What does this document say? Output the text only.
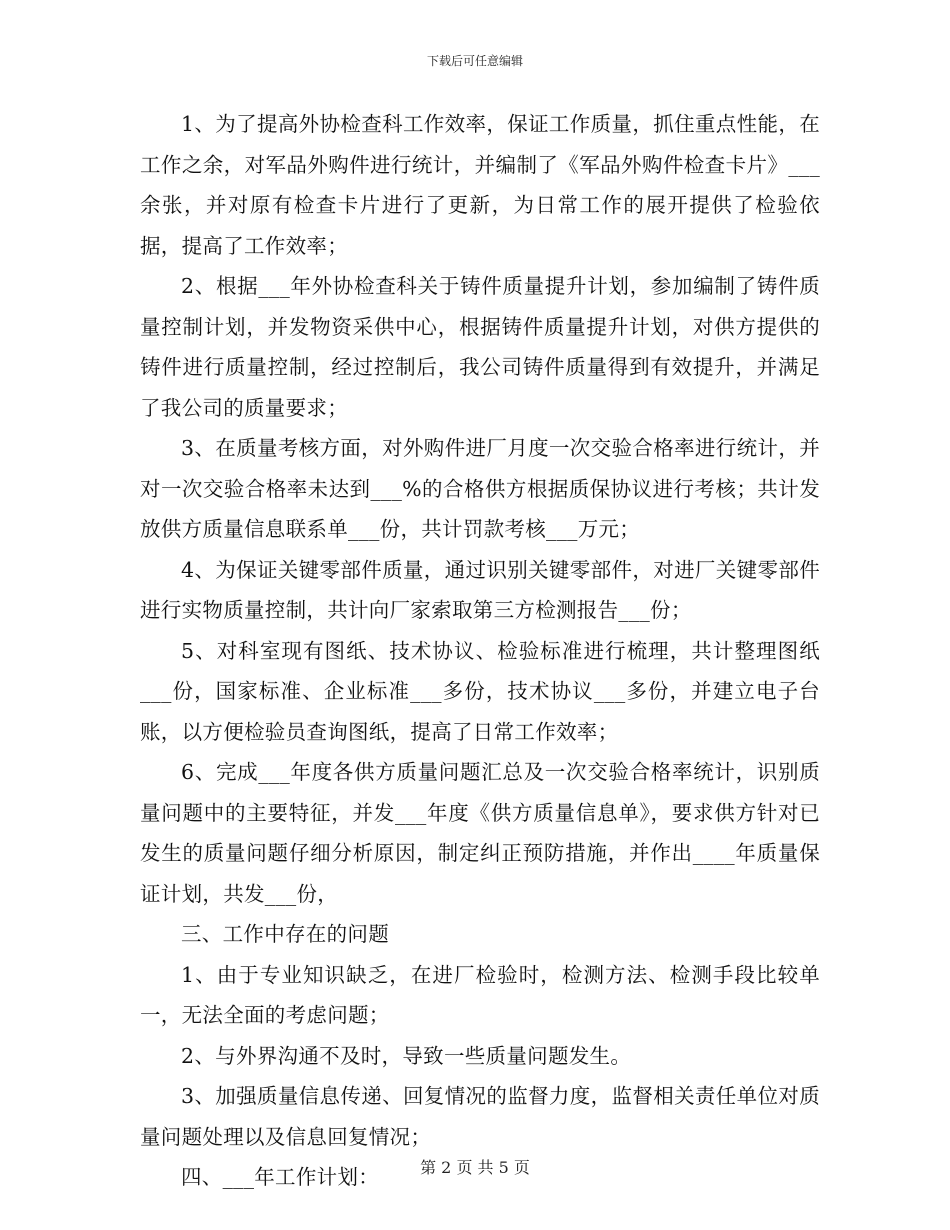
下载后可任意编辑

1、为了提高外协检查科工作效率，保证工作质量，抓住重点性能，在工作之余，对军品外购件进行统计，并编制了《军品外购件检查卡片》___余张，并对原有检查卡片进行了更新，为日常工作的展开提供了检验依据，提高了工作效率；

2、根据___年外协检查科关于铸件质量提升计划，参加编制了铸件质量控制计划，并发物资采供中心，根据铸件质量提升计划，对供方提供的铸件进行质量控制，经过控制后，我公司铸件质量得到有效提升，并满足了我公司的质量要求；

3、在质量考核方面，对外购件进厂月度一次交验合格率进行统计，并对一次交验合格率未达到___%的合格供方根据质保协议进行考核；共计发放供方质量信息联系单___份，共计罚款考核___万元；

4、为保证关键零部件质量，通过识别关键零部件，对进厂关键零部件进行实物质量控制，共计向厂家索取第三方检测报告___份；

5、对科室现有图纸、技术协议、检验标准进行梳理，共计整理图纸___份，国家标准、企业标准___多份，技术协议___多份，并建立电子台账，以方便检验员查询图纸，提高了日常工作效率；

6、完成___年度各供方质量问题汇总及一次交验合格率统计，识别质量问题中的主要特征，并发___年度《供方质量信息单》，要求供方针对已发生的质量问题仔细分析原因，制定纠正预防措施，并作出____年质量保证计划，共发___份，

三、工作中存在的问题

1、由于专业知识缺乏，在进厂检验时，检测方法、检测手段比较单一，无法全面的考虑问题；

2、与外界沟通不及时，导致一些质量问题发生。

3、加强质量信息传递、回复情况的监督力度，监督相关责任单位对质量问题处理以及信息回复情况；

四、___年工作计划：	第 2 页 共 5 页
